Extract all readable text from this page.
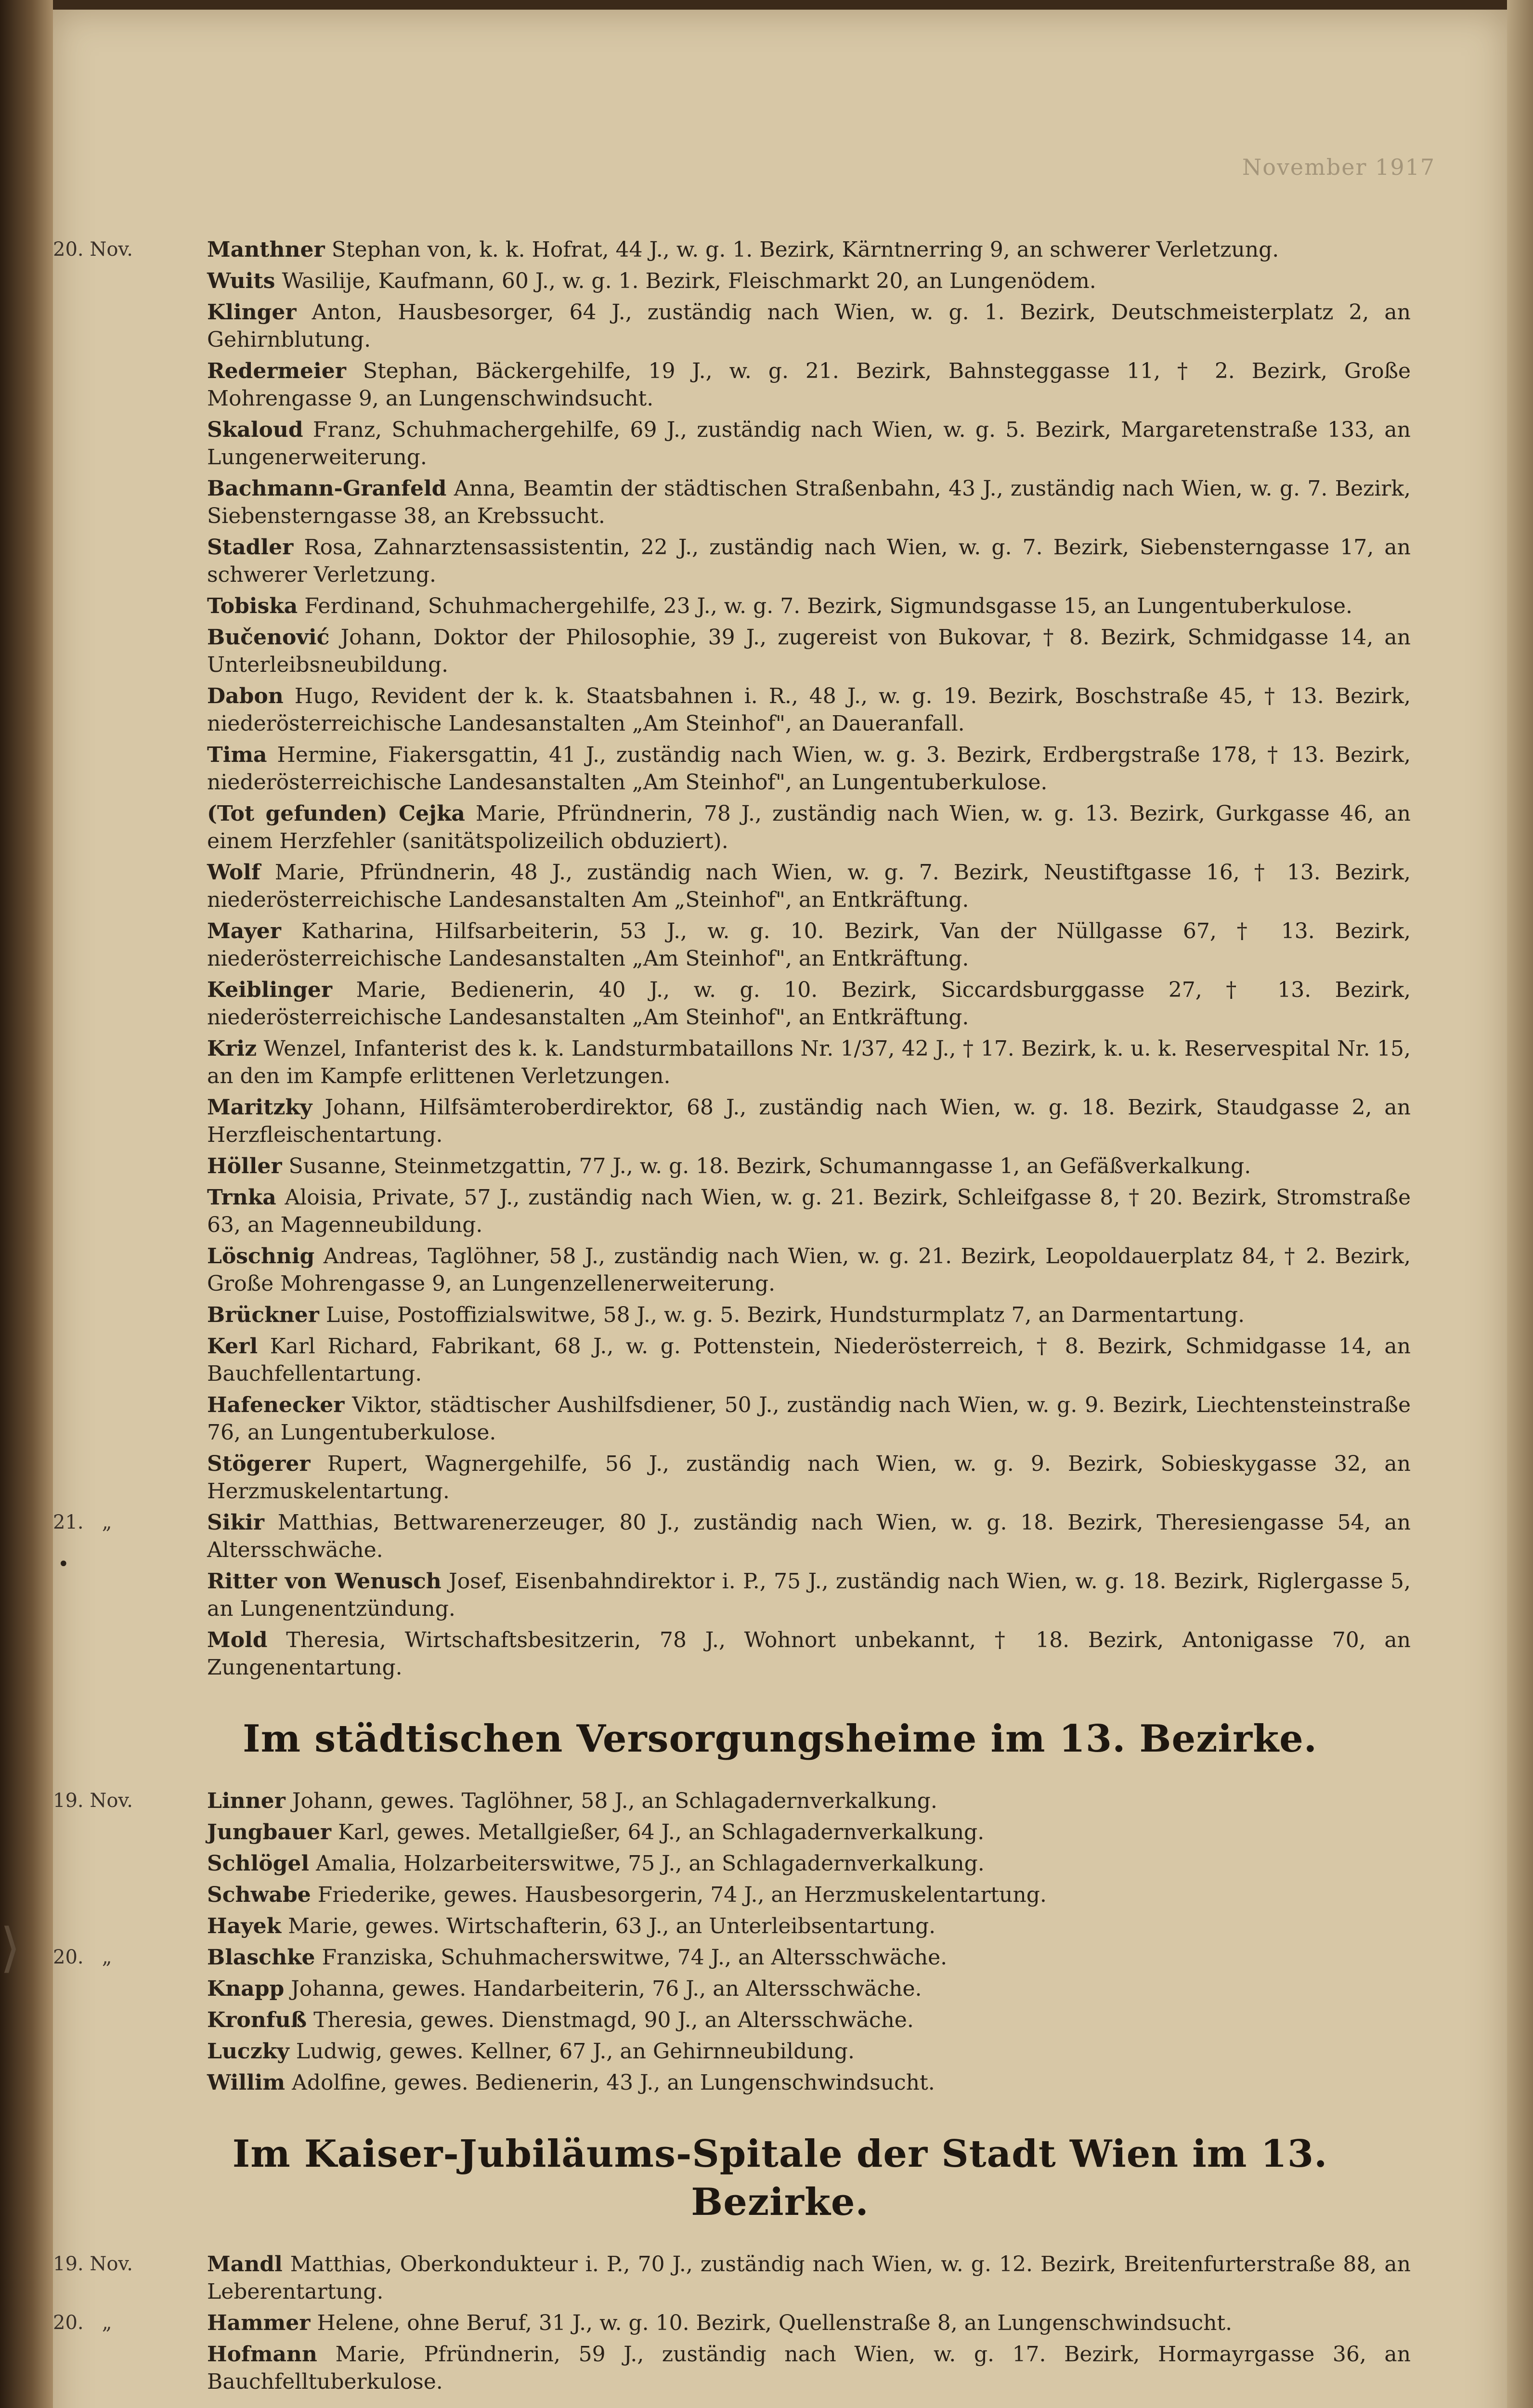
November 1917
•
⟩
20. Nov.	Manthner Stephan von, k. k. Hofrat, 44 J., w. g. 1. Bezirk, Kärntnerring 9, an schwerer Verletzung.
Wuits Wasilije, Kaufmann, 60 J., w. g. 1. Bezirk, Fleischmarkt 20, an Lungenödem.
Klinger Anton, Hausbesorger, 64 J., zuständig nach Wien, w. g. 1. Bezirk, Deutschmeisterplatz 2, an Gehirnblutung.
Redermeier Stephan, Bäckergehilfe, 19 J., w. g. 21. Bezirk, Bahnsteggasse 11, † 2. Bezirk, Große Mohrengasse 9, an Lungenschwindsucht.
Skaloud Franz, Schuhmachergehilfe, 69 J., zuständig nach Wien, w. g. 5. Bezirk, Margaretenstraße 133, an Lungenerweiterung.
Bachmann-Granfeld Anna, Beamtin der städtischen Straßenbahn, 43 J., zuständig nach Wien, w. g. 7. Bezirk, Siebensterngasse 38, an Krebssucht.
Stadler Rosa, Zahnarztensassistentin, 22 J., zuständig nach Wien, w. g. 7. Bezirk, Siebensterngasse 17, an schwerer Verletzung.
Tobiska Ferdinand, Schuhmachergehilfe, 23 J., w. g. 7. Bezirk, Sigmundsgasse 15, an Lungentuberkulose.
Bučenović Johann, Doktor der Philosophie, 39 J., zugereist von Bukovar, † 8. Bezirk, Schmidgasse 14, an Unterleibsneubildung.
Dabon Hugo, Revident der k. k. Staatsbahnen i. R., 48 J., w. g. 19. Bezirk, Boschstraße 45, † 13. Bezirk, niederösterreichische Landesanstalten „Am Steinhof", an Daueranfall.
Tima Hermine, Fiakersgattin, 41 J., zuständig nach Wien, w. g. 3. Bezirk, Erdbergstraße 178, † 13. Bezirk, niederösterreichische Landesanstalten „Am Steinhof", an Lungentuberkulose.
(Tot gefunden) Cejka Marie, Pfründnerin, 78 J., zuständig nach Wien, w. g. 13. Bezirk, Gurkgasse 46, an einem Herzfehler (sanitätspolizeilich obduziert).
Wolf Marie, Pfründnerin, 48 J., zuständig nach Wien, w. g. 7. Bezirk, Neustiftgasse 16, † 13. Bezirk, niederösterreichische Landesanstalten Am „Steinhof", an Entkräftung.
Mayer Katharina, Hilfsarbeiterin, 53 J., w. g. 10. Bezirk, Van der Nüllgasse 67, † 13. Bezirk, niederösterreichische Landesanstalten „Am Steinhof", an Entkräftung.
Keiblinger Marie, Bedienerin, 40 J., w. g. 10. Bezirk, Siccardsburggasse 27, † 13. Bezirk, niederösterreichische Landesanstalten „Am Steinhof", an Entkräftung.
Kriz Wenzel, Infanterist des k. k. Landsturmbataillons Nr. 1/37, 42 J., † 17. Bezirk, k. u. k. Reservespital Nr. 15, an den im Kampfe erlittenen Verletzungen.
Maritzky Johann, Hilfsämteroberdirektor, 68 J., zuständig nach Wien, w. g. 18. Bezirk, Staudgasse 2, an Herzfleischentartung.
Höller Susanne, Steinmetzgattin, 77 J., w. g. 18. Bezirk, Schumanngasse 1, an Gefäßverkalkung.
Trnka Aloisia, Private, 57 J., zuständig nach Wien, w. g. 21. Bezirk, Schleifgasse 8, † 20. Bezirk, Stromstraße 63, an Magenneubildung.
Löschnig Andreas, Taglöhner, 58 J., zuständig nach Wien, w. g. 21. Bezirk, Leopoldauerplatz 84, † 2. Bezirk, Große Mohrengasse 9, an Lungenzellenerweiterung.
Brückner Luise, Postoffizialswitwe, 58 J., w. g. 5. Bezirk, Hundsturmplatz 7, an Darmentartung.
Kerl Karl Richard, Fabrikant, 68 J., w. g. Pottenstein, Niederösterreich, † 8. Bezirk, Schmidgasse 14, an Bauchfellentartung.
Hafenecker Viktor, städtischer Aushilfsdiener, 50 J., zuständig nach Wien, w. g. 9. Bezirk, Liechtensteinstraße 76, an Lungentuberkulose.
Stögerer Rupert, Wagnergehilfe, 56 J., zuständig nach Wien, w. g. 9. Bezirk, Sobieskygasse 32, an Herzmuskelentartung.
21.   „	Sikir Matthias, Bettwarenerzeuger, 80 J., zuständig nach Wien, w. g. 18. Bezirk, Theresiengasse 54, an Altersschwäche.
Ritter von Wenusch Josef, Eisenbahndirektor i. P., 75 J., zuständig nach Wien, w. g. 18. Bezirk, Riglergasse 5, an Lungenentzündung.
Mold Theresia, Wirtschaftsbesitzerin, 78 J., Wohnort unbekannt, † 18. Bezirk, Antonigasse 70, an Zungenentartung.
Im städtischen Versorgungsheime im 13. Bezirke.
19. Nov.	Linner Johann, gewes. Taglöhner, 58 J., an Schlagadernverkalkung.
Jungbauer Karl, gewes. Metallgießer, 64 J., an Schlagadernverkalkung.
Schlögel Amalia, Holzarbeiterswitwe, 75 J., an Schlagadernverkalkung.
Schwabe Friederike, gewes. Hausbesorgerin, 74 J., an Herzmuskelentartung.
Hayek Marie, gewes. Wirtschafterin, 63 J., an Unterleibsentartung.
20.   „	Blaschke Franziska, Schuhmacherswitwe, 74 J., an Altersschwäche.
Knapp Johanna, gewes. Handarbeiterin, 76 J., an Altersschwäche.
Kronfuß Theresia, gewes. Dienstmagd, 90 J., an Altersschwäche.
Luczky Ludwig, gewes. Kellner, 67 J., an Gehirnneubildung.
Willim Adolfine, gewes. Bedienerin, 43 J., an Lungenschwindsucht.
Im Kaiser-Jubiläums-Spitale der Stadt Wien im 13. Bezirke.
19. Nov.	Mandl Matthias, Oberkondukteur i. P., 70 J., zuständig nach Wien, w. g. 12. Bezirk, Breitenfurterstraße 88, an Leberentartung.
20.   „	Hammer Helene, ohne Beruf, 31 J., w. g. 10. Bezirk, Quellenstraße 8, an Lungenschwindsucht.
Hofmann Marie, Pfründnerin, 59 J., zuständig nach Wien, w. g. 17. Bezirk, Hormayrgasse 36, an Bauchfelltuberkulose.
